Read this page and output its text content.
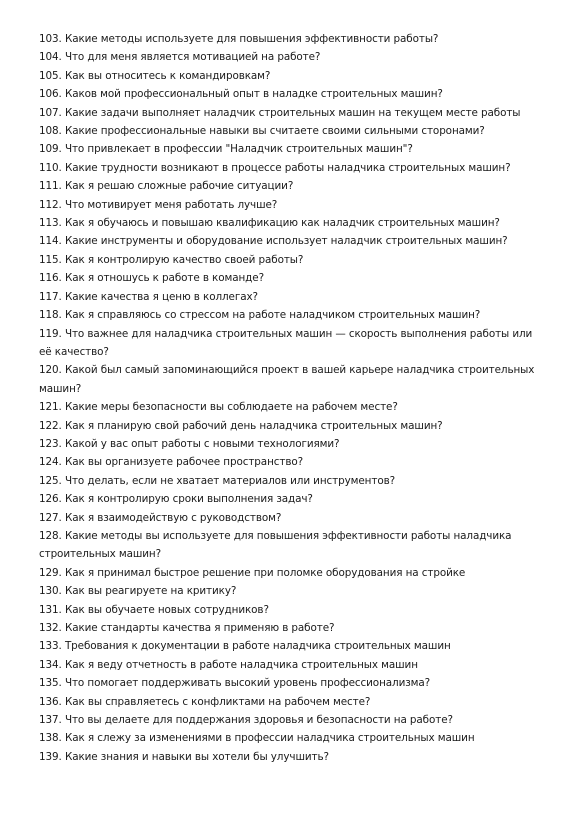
103. Какие методы используете для повышения эффективности работы?

104. Что для меня является мотивацией на работе?

105. Как вы относитесь к командировкам?

106. Каков мой профессиональный опыт в наладке строительных машин?

107. Какие задачи выполняет наладчик строительных машин на текущем месте работы

108. Какие профессиональные навыки вы считаете своими сильными сторонами?

109. Что привлекает в профессии "Наладчик строительных машин"?

110. Какие трудности возникают в процессе работы наладчика строительных машин?

111. Как я решаю сложные рабочие ситуации?

112. Что мотивирует меня работать лучше?

113. Как я обучаюсь и повышаю квалификацию как наладчик строительных машин?

114. Какие инструменты и оборудование использует наладчик строительных машин?

115. Как я контролирую качество своей работы?

116. Как я отношусь к работе в команде?

117. Какие качества я ценю в коллегах?

118. Как я справляюсь со стрессом на работе наладчиком строительных машин?

119. Что важнее для наладчика строительных машин — скорость выполнения работы или её качество?

120. Какой был самый запоминающийся проект в вашей карьере наладчика строительных машин?

121. Какие меры безопасности вы соблюдаете на рабочем месте?

122. Как я планирую свой рабочий день наладчика строительных машин?

123. Какой у вас опыт работы с новыми технологиями?

124. Как вы организуете рабочее пространство?

125. Что делать, если не хватает материалов или инструментов?

126. Как я контролирую сроки выполнения задач?

127. Как я взаимодействую с руководством?

128. Какие методы вы используете для повышения эффективности работы наладчика строительных машин?

129. Как я принимал быстрое решение при поломке оборудования на стройке

130. Как вы реагируете на критику?

131. Как вы обучаете новых сотрудников?

132. Какие стандарты качества я применяю в работе?

133. Требования к документации в работе наладчика строительных машин

134. Как я веду отчетность в работе наладчика строительных машин

135. Что помогает поддерживать высокий уровень профессионализма?

136. Как вы справляетесь с конфликтами на рабочем месте?

137. Что вы делаете для поддержания здоровья и безопасности на работе?

138. Как я слежу за изменениями в профессии наладчика строительных машин

139. Какие знания и навыки вы хотели бы улучшить?
